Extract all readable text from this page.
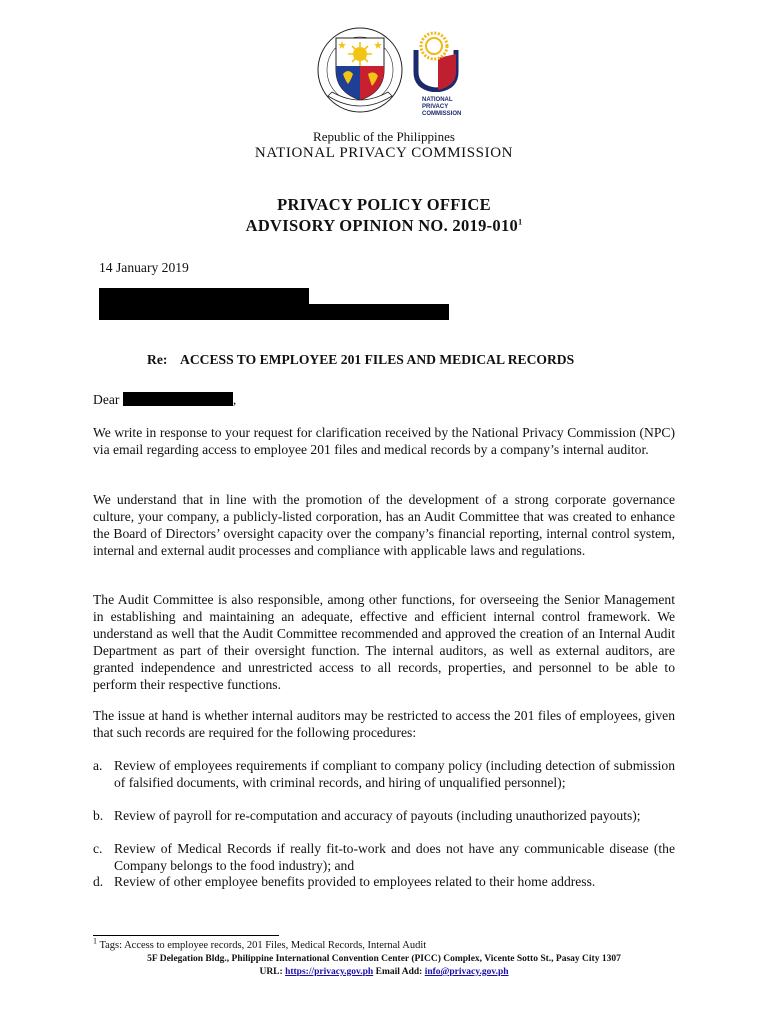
NATIONAL
PRIVACY
COMMISSION
Republic of the Philippines
NATIONAL PRIVACY COMMISSION
PRIVACY POLICY OFFICE
ADVISORY OPINION NO. $2019-010^1$
14 January 2019
Re: ACCESS TO EMPLOYEE 201 FILES AND MEDICAL RECORDS
Dear	,
We write in response to your request for clarification received by the National Privacy Commission (NPC) via email regarding access to employee 201 files and medical records by a company’s internal auditor.
We understand that in line with the promotion of the development of a strong corporate governance culture, your company, a publicly-listed corporation, has an Audit Committee that was created to enhance the Board of Directors’ oversight capacity over the company’s financial reporting, internal control system, internal and external audit processes and compliance with applicable laws and regulations.
The Audit Committee is also responsible, among other functions, for overseeing the Senior Management in establishing and maintaining an adequate, effective and efficient internal control framework. We understand as well that the Audit Committee recommended and approved the creation of an Internal Audit Department as part of their oversight function. The internal auditors, as well as external auditors, are granted independence and unrestricted access to all records, properties, and personnel to be able to perform their respective functions.
The issue at hand is whether internal auditors may be restricted to access the 201 files of employees, given that such records are required for the following procedures:
a. Review of employees requirements if compliant to company policy (including detection of submission of falsified documents, with criminal records, and hiring of unqualified personnel);
b. Review of payroll for re-computation and accuracy of payouts (including unauthorized payouts);
c. Review of Medical Records if really fit-to-work and does not have any communicable disease (the Company belongs to the food industry); and
d. Review of other employee benefits provided to employees related to their home address.
$^1$ Tags: Access to employee records, 201 Files, Medical Records, Internal Audit
5F Delegation Bldg., Philippine International Convention Center (PICC) Complex, Vicente Sotto St., Pasay City 1307
URL: https://privacy.gov.ph Email Add: info@privacy.gov.ph
